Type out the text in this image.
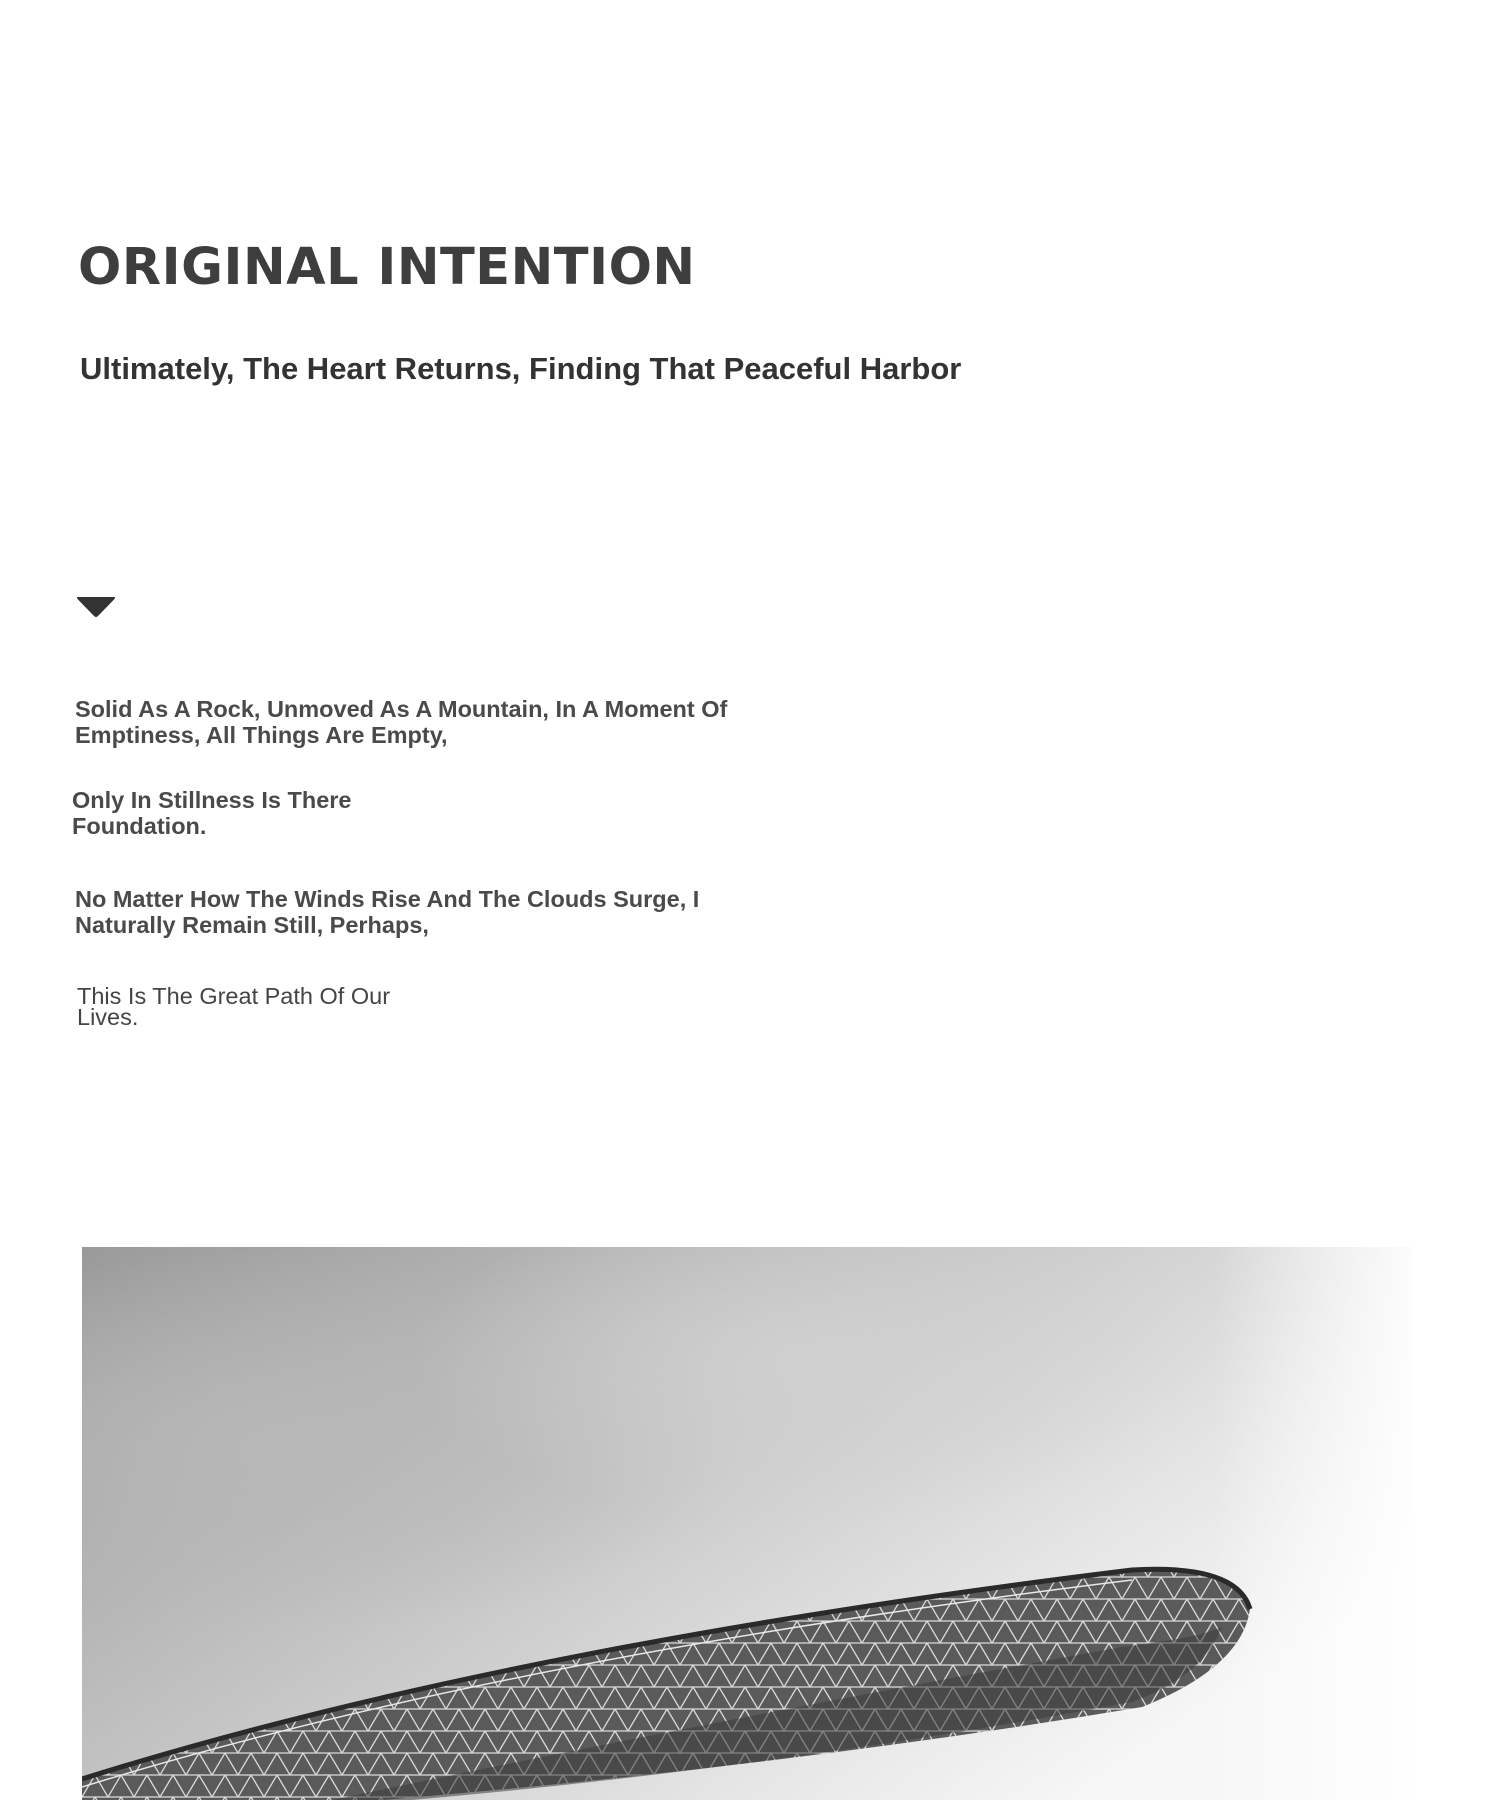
ORIGINAL INTENTION
Ultimately, The Heart Returns, Finding That Peaceful Harbor

Solid As A Rock, Unmoved As A Mountain, In A Moment Of Emptiness, All Things Are Empty,

Only In Stillness Is There Foundation.

No Matter How The Winds Rise And The Clouds Surge, I Naturally Remain Still, Perhaps,

This Is The Great Path Of Our Lives.
